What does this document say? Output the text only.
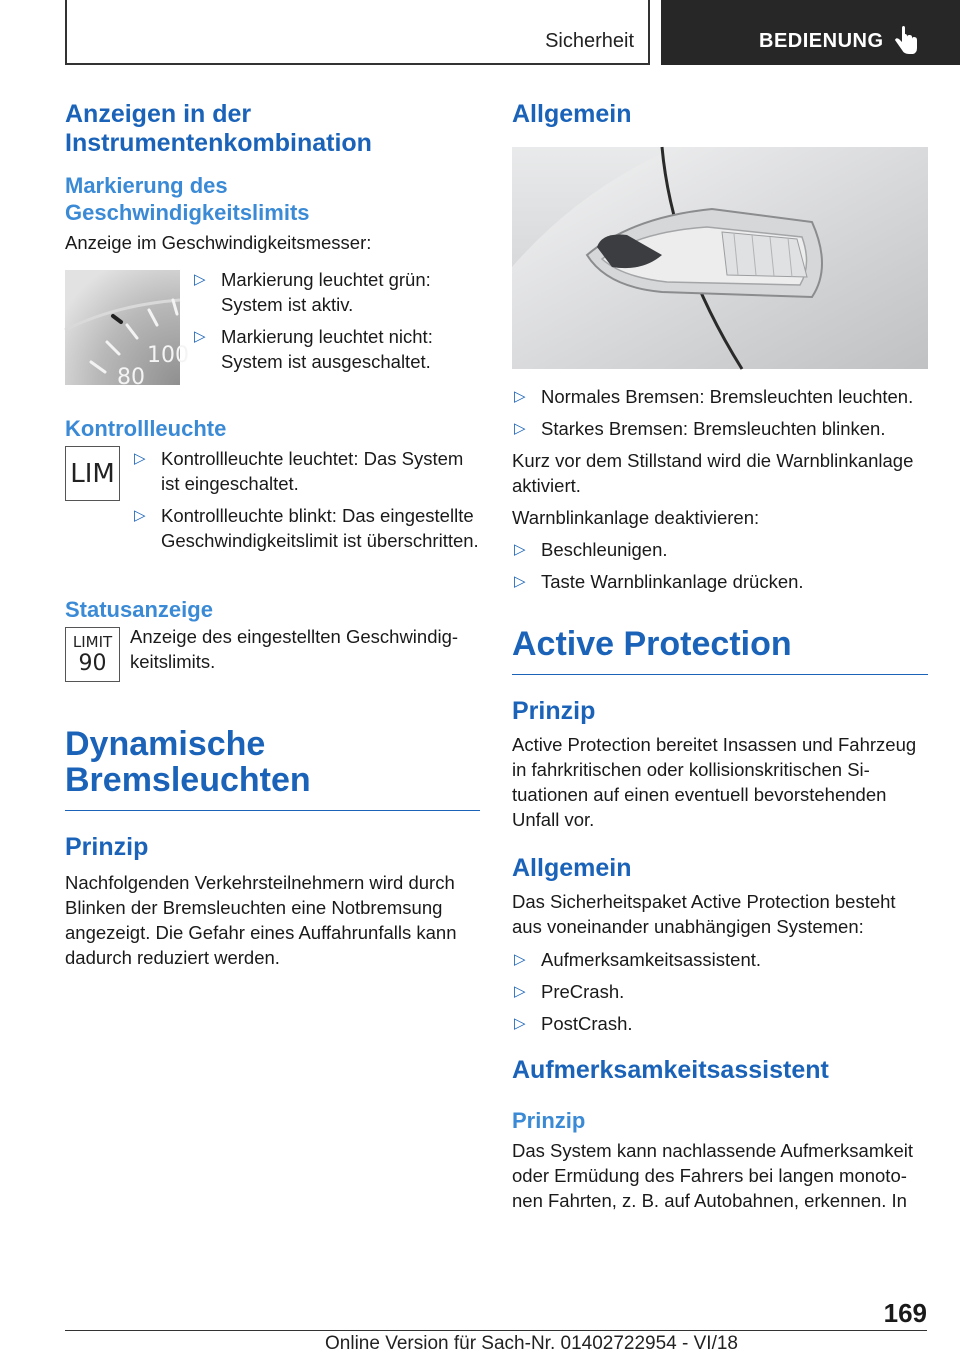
Sicherheit	BEDIENUNG
Anzeigen in der Instrumentenkombination
Markierung des Geschwindigkeitslimits
Anzeige im Geschwindigkeitsmesser:
100
80
▷ Markierung leuchtet grün: System ist aktiv.
▷ Markierung leuchtet nicht: System ist ausgeschaltet.
Kontrollleuchte
LIM ▷ Kontrollleuchte leuchtet: Das System ist eingeschaltet.
▷ Kontrollleuchte blinkt: Das eingestellte Geschwindigkeitslimit ist überschritten.
Statusanzeige
LIMIT
90
Anzeige des eingestellten Geschwindigkeitslimits.
Dynamische Bremsleuchten
Prinzip
Nachfolgenden Verkehrsteilnehmern wird durch Blinken der Bremsleuchten eine Notbremsung angezeigt. Die Gefahr eines Auffahrunfalls kann dadurch reduziert werden.
Allgemein
▷ Normales Bremsen: Bremsleuchten leuchten.
▷ Starkes Bremsen: Bremsleuchten blinken.
Kurz vor dem Stillstand wird die Warnblinkanlage aktiviert.
Warnblinkanlage deaktivieren:
▷ Beschleunigen.
▷ Taste Warnblinkanlage drücken.
Active Protection
Prinzip
Active Protection bereitet Insassen und Fahrzeug in fahrkritischen oder kollisionskritischen Situationen auf einen eventuell bevorstehenden Unfall vor.
Allgemein
Das Sicherheitspaket Active Protection besteht aus voneinander unabhängigen Systemen:
▷ Aufmerksamkeitsassistent.
▷ PreCrash.
▷ PostCrash.
Aufmerksamkeitsassistent
Prinzip
Das System kann nachlassende Aufmerksamkeit oder Ermüdung des Fahrers bei langen monotonen Fahrten, z. B. auf Autobahnen, erkennen. In
169
Online Version für Sach-Nr. 01402722954 - VI/18
